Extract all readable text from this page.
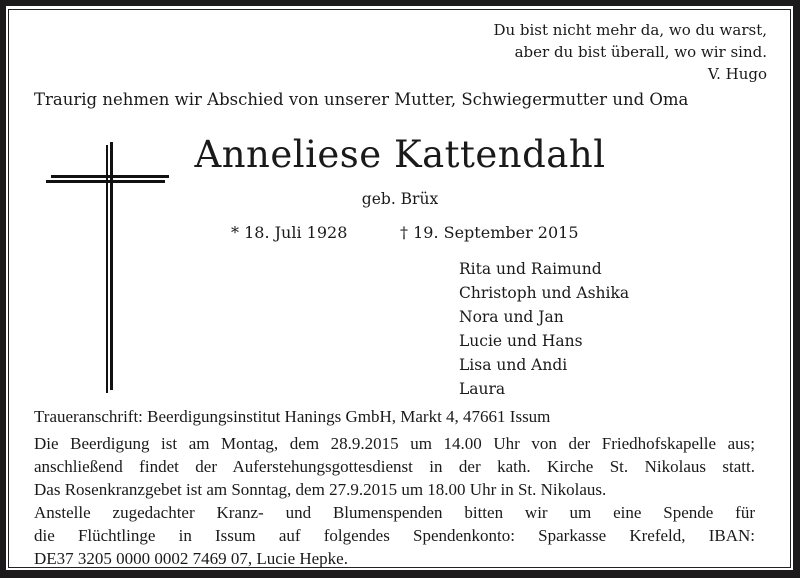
Du bist nicht mehr da, wo du warst,
aber du bist überall, wo wir sind.
V. Hugo
Traurig nehmen wir Abschied von unserer Mutter, Schwiegermutter und Oma
Anneliese Kattendahl
geb. Brüx
* 18. Juli 1928	† 19. September 2015
Rita und Raimund
Christoph und Ashika
Nora und Jan
Lucie und Hans
Lisa und Andi
Laura
Traueranschrift: Beerdigungsinstitut Hanings GmbH, Markt 4, 47661 Issum
Die Beerdigung ist am Montag, dem 28.9.2015 um 14.00 Uhr von der Friedhofskapelle aus;
anschließend findet der Auferstehungsgottesdienst in der kath. Kirche St. Nikolaus statt.
Das Rosenkranzgebet ist am Sonntag, dem 27.9.2015 um 18.00 Uhr in St. Nikolaus.
Anstelle zugedachter Kranz- und Blumenspenden bitten wir um eine Spende für
die Flüchtlinge in Issum auf folgendes Spendenkonto: Sparkasse Krefeld, IBAN:
DE37 3205 0000 0002 7469 07, Lucie Hepke.
